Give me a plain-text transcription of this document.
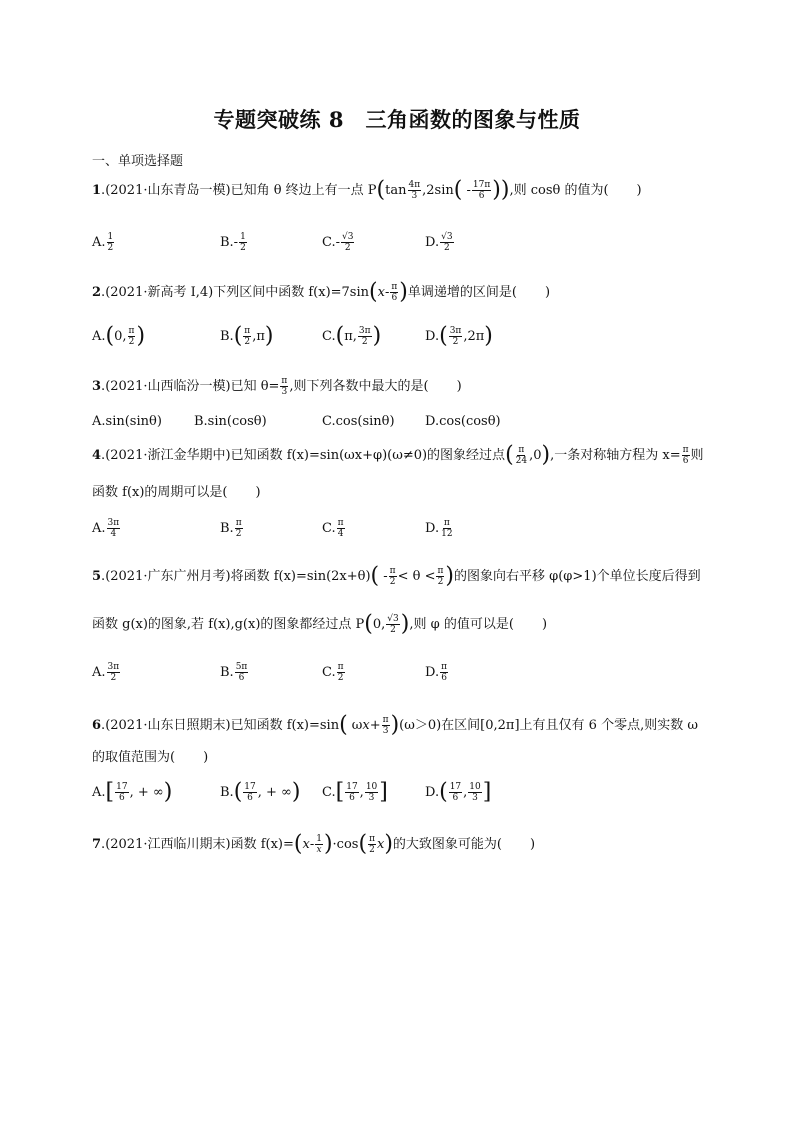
专题突破练 8　三角函数的图象与性质
一、单项选择题
1.(2021·山东青岛一模)已知角 θ 终边上有一点 $P(\tan \frac{4\pi}{3} ,2\sin( - \frac{17\pi}{6}$ )),则 cosθ 的值为( )
A. $\frac{1}{2}$	$B.- \frac{1}{2}$	$C.- \frac{√3}{2}$	D. $\frac{√3}{2}$
2.(2021·新高考 Ⅰ,4)下列区间中函数 $f(x)=7\sin(x- \frac{\pi}{6}$ )单调递增的区间是( )
A.(0, $\frac{\pi}{2}$ )	$B.( \frac{\pi}{2} ,\pi)$	C.(π, $\frac{3\pi}{2}$ )	$D.( \frac{3\pi}{2} ,2\pi)$
3.(2021·山西临汾一模)已知 $\theta= \frac{\pi}{3}$ ,则下列各数中最大的是( )
A.sin(sinθ) B.sin(cosθ)	C.cos(sinθ) D.cos(cosθ)
4.(2021·浙江金华期中)已知函数 f(x)=sin(ωx+φ)(ω≠0)的图象经过点( $\frac{\pi}{24} ,0$),一条对称轴方程为 $x= \frac{\pi}{6}$ 则
函数 f(x)的周期可以是( )
A. $\frac{3\pi}{4}$	B. $\frac{\pi}{2}$	C. $\frac{\pi}{4}$	D. $\frac{\pi}{12}$
5.(2021·广东广州月考)将函数 $f(x)=\sin(2x+\theta)( - \frac{\pi}{2} < \theta < \frac{\pi}{2}$ )的图象向右平移 φ(φ>1)个单位长度后得到
函数 g(x)的图象,若 f(x),g(x)的图象都经过点 P(0, $\frac{√3}{2}$ ),则 φ 的值可以是( )
A. $\frac{3\pi}{2}$	B. $\frac{5\pi}{6}$	C. $\frac{\pi}{2}$	D. $\frac{\pi}{6}$
6.(2021·山东日照期末)已知函数 f(x)=sin( $\omega x+ \frac{\pi}{3} )(\omega>0)$在区间[0,2π]上有且仅有 6 个零点,则实数 ω
的取值范围为( )
$A.[ \frac{17}{6}$ , + ∞)	$B.( \frac{17}{6}$ , + ∞) $C.[ \frac{17}{6}$ , $\frac{10}{3}$ ]	$D.( \frac{17}{6}$ , $\frac{10}{3}$ ]
7.(2021·江西临川期末)函数 $f(x)=(x- \frac{1}{x} )\cdot\cos( \frac{\pi}{2} x)$的大致图象可能为( )
